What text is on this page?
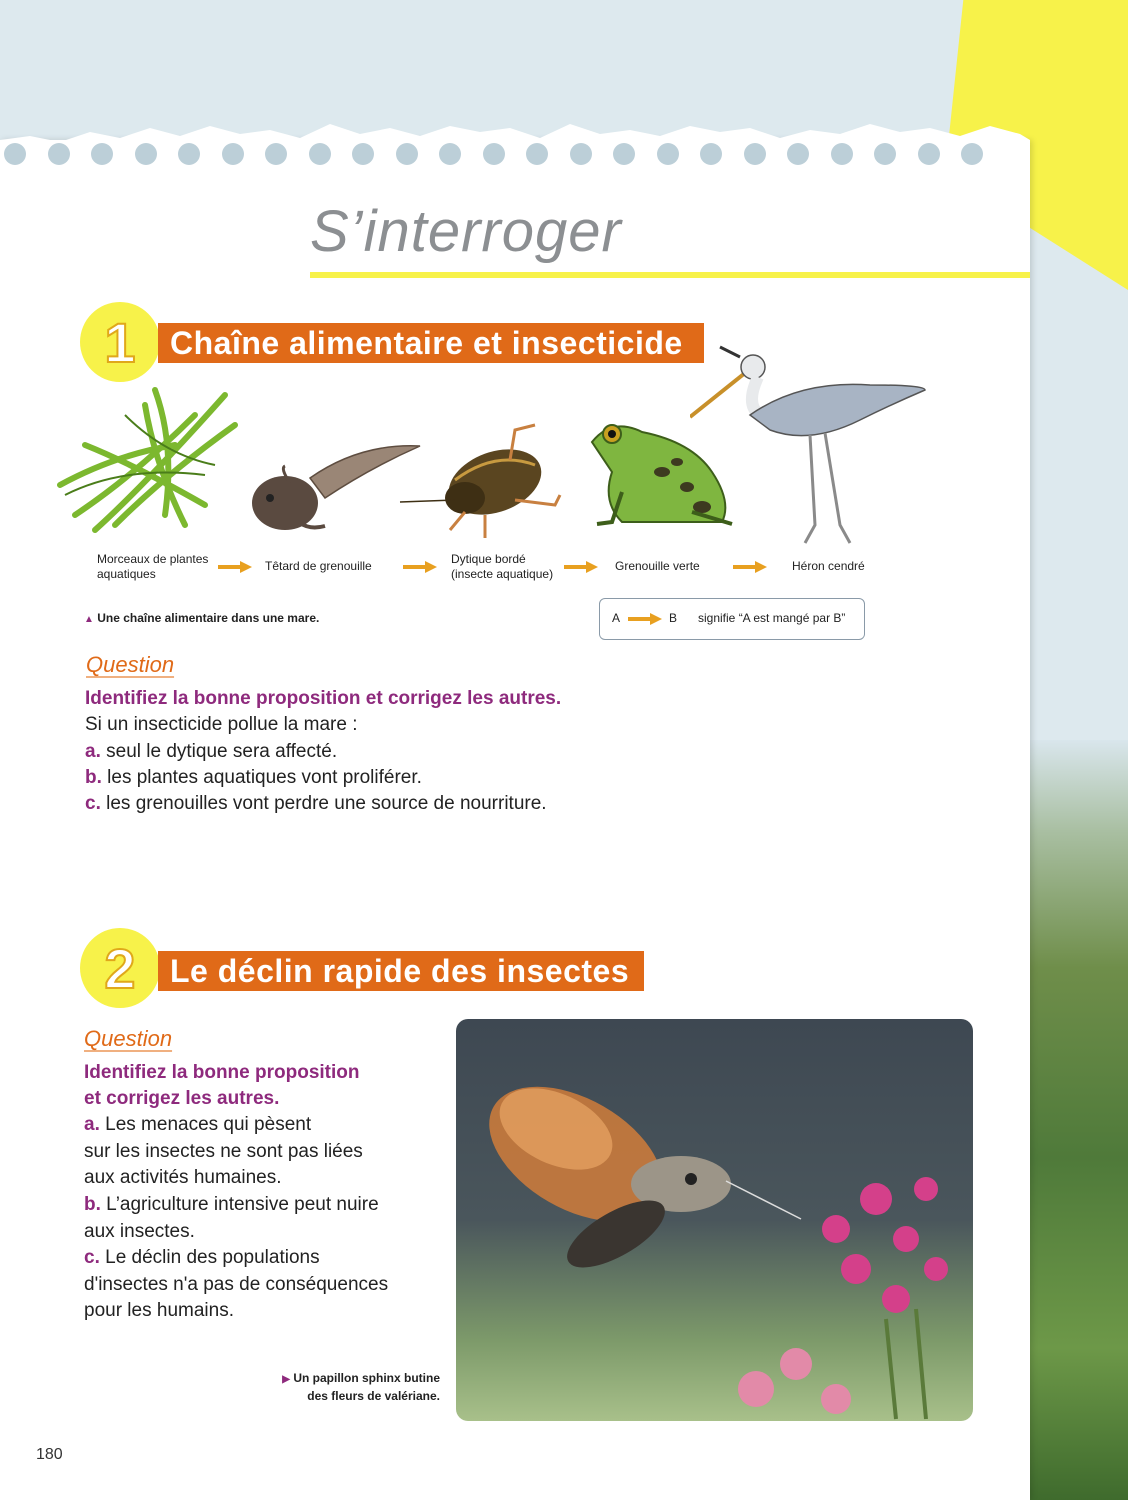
S’interroger
1	Chaîne alimentaire et insecticide
Morceaux de plantes aquatiques
Têtard de grenouille	Dytique bordé (insecte aquatique)
Grenouille verte	Héron cendré
▲ Une chaîne alimentaire dans une mare.	A	B signifie “A est mangé par B”
Question
Identifiez la bonne proposition et corrigez les autres.
Si un insecticide pollue la mare :
a. seul le dytique sera affecté.
b. les plantes aquatiques vont proliférer.
c. les grenouilles vont perdre une source de nourriture.
2	Le déclin rapide des insectes
Question
Identifiez la bonne proposition
et corrigez les autres.
a. Les menaces qui pèsent
sur les insectes ne sont pas liées
aux activités humaines.
b. L’agriculture intensive peut nuire
aux insectes.
c. Le déclin des populations
d'insectes n'a pas de conséquences
pour les humains.
▶ Un papillon sphinx butine
des fleurs de valériane.
180
